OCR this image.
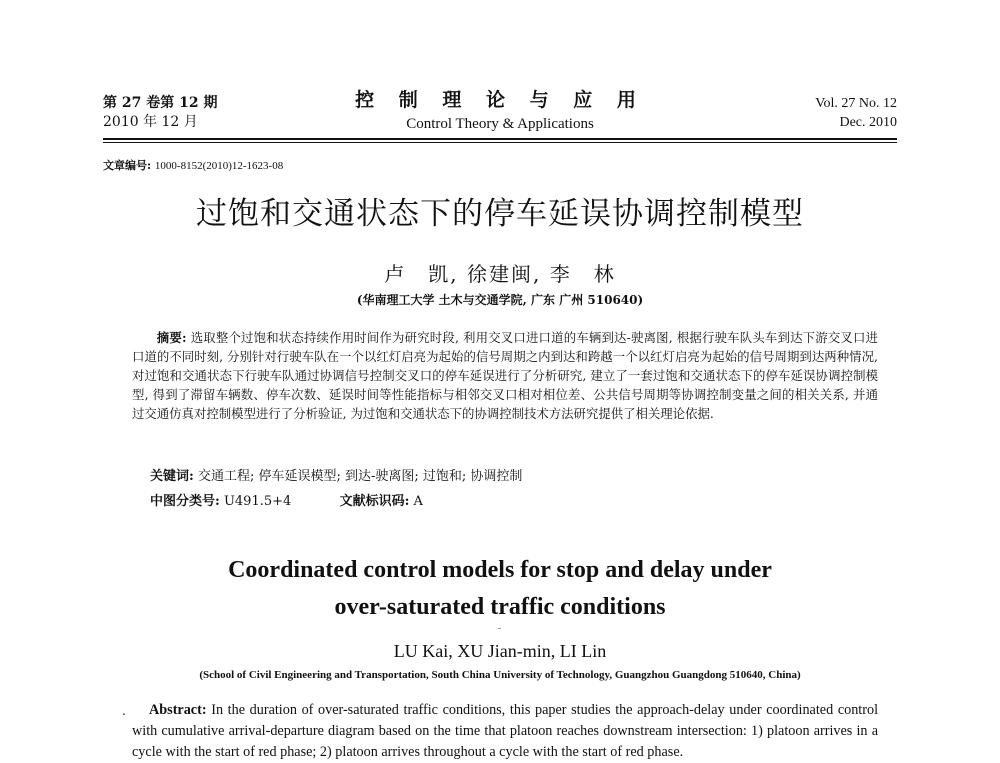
第 27 卷第 12 期
2010 年 12 月
控 制 理 论 与 应 用
Control Theory & Applications
Vol. 27 No. 12
Dec. 2010
文章编号: 1000-8152(2010)12-1623-08
过饱和交通状态下的停车延误协调控制模型
卢　凯, 徐建闽, 李　林
(华南理工大学 土木与交通学院, 广东 广州 510640)

摘要: 选取整个过饱和状态持续作用时间作为研究时段, 利用交叉口进口道的车辆到达-驶离图, 根据行驶车队头车到达下游交叉口进口道的不同时刻, 分别针对行驶车队在一个以红灯启亮为起始的信号周期之内到达和跨越一个以红灯启亮为起始的信号周期到达两种情况, 对过饱和交通状态下行驶车队通过协调信号控制交叉口的停车延误进行了分析研究, 建立了一套过饱和交通状态下的停车延误协调控制模型, 得到了滞留车辆数、停车次数、延误时间等性能指标与相邻交叉口相对相位差、公共信号周期等协调控制变量之间的相关关系, 并通过交通仿真对控制模型进行了分析验证, 为过饱和交通状态下的协调控制技术方法研究提供了相关理论依据.

关键词: 交通工程; 停车延误模型; 到达-驶离图; 过饱和; 协调控制
中图分类号: U491.5+4	文献标识码: A
Coordinated control models for stop and delay under
over-saturated traffic conditions
LU Kai, XU Jian-min, LI Lin
(School of Civil Engineering and Transportation, South China University of Technology, Guangzhou Guangdong 510640, China)
.	Abstract: In the duration of over-saturated traffic conditions, this paper studies the approach-delay under coordinated control with cumulative arrival-departure diagram based on the time that platoon reaches downstream intersection: 1) platoon arrives in a cycle with the start of red phase; 2) platoon arrives throughout a cycle with the start of red phase.
